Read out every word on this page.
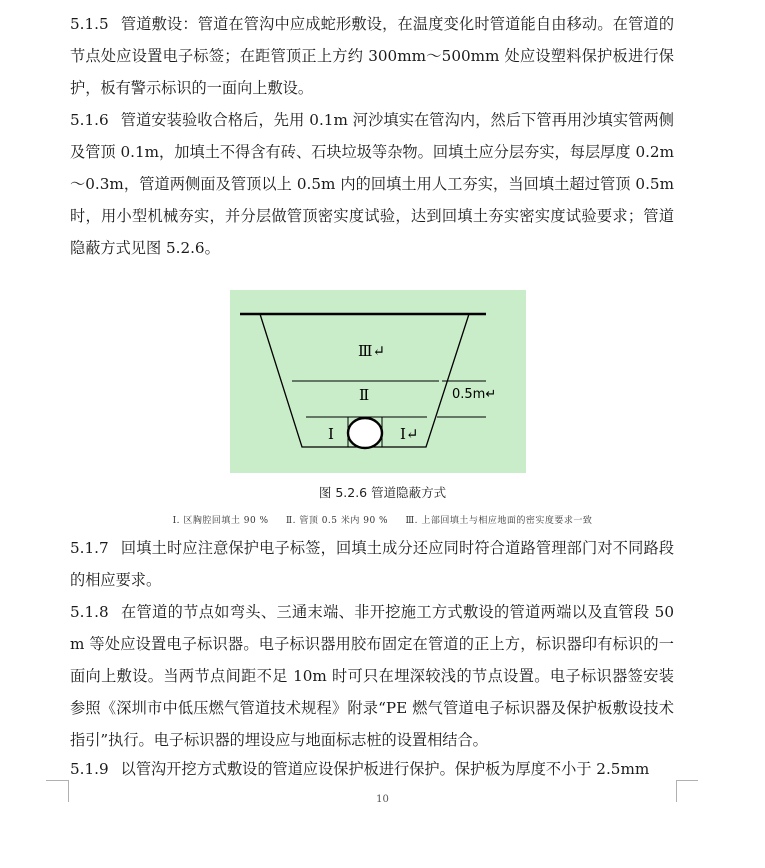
5.1.5 管道敷设：管道在管沟中应成蛇形敷设，在温度变化时管道能自由移动。在管道的节点处应设置电子标签；在距管顶正上方约 300mm～500mm 处应设塑料保护板进行保护，板有警示标识的一面向上敷设。

5.1.6 管道安装验收合格后，先用 0.1m 河沙填实在管沟内，然后下管再用沙填实管两侧及管顶 0.1m，加填土不得含有砖、石块垃圾等杂物。回填土应分层夯实，每层厚度 0.2m～0.3m，管道两侧面及管顶以上 0.5m 内的回填土用人工夯实，当回填土超过管顶 0.5m 时，用小型机械夯实，并分层做管顶密实度试验，达到回填土夯实密实度试验要求；管道隐蔽方式见图 5.2.6。

Ⅲ↵
Ⅱ
Ⅰ	Ⅰ↵
0.5m↵
图 5.2.6 管道隐蔽方式
Ⅰ. 区胸腔回填土 90 % Ⅱ. 管顶 0.5 米内 90 % Ⅲ. 上部回填土与相应地面的密实度要求一致

5.1.7 回填土时应注意保护电子标签，回填土成分还应同时符合道路管理部门对不同路段的相应要求。

5.1.8 在管道的节点如弯头、三通末端、非开挖施工方式敷设的管道两端以及直管段 50m 等处应设置电子标识器。电子标识器用胶布固定在管道的正上方，标识器印有标识的一面向上敷设。当两节点间距不足 10m 时可只在埋深较浅的节点设置。电子标识器签安装参照《深圳市中低压燃气管道技术规程》附录“PE 燃气管道电子标识器及保护板敷设技术指引”执行。电子标识器的埋设应与地面标志桩的设置相结合。

5.1.9 以管沟开挖方式敷设的管道应设保护板进行保护。保护板为厚度不小于 2.5mm

10
